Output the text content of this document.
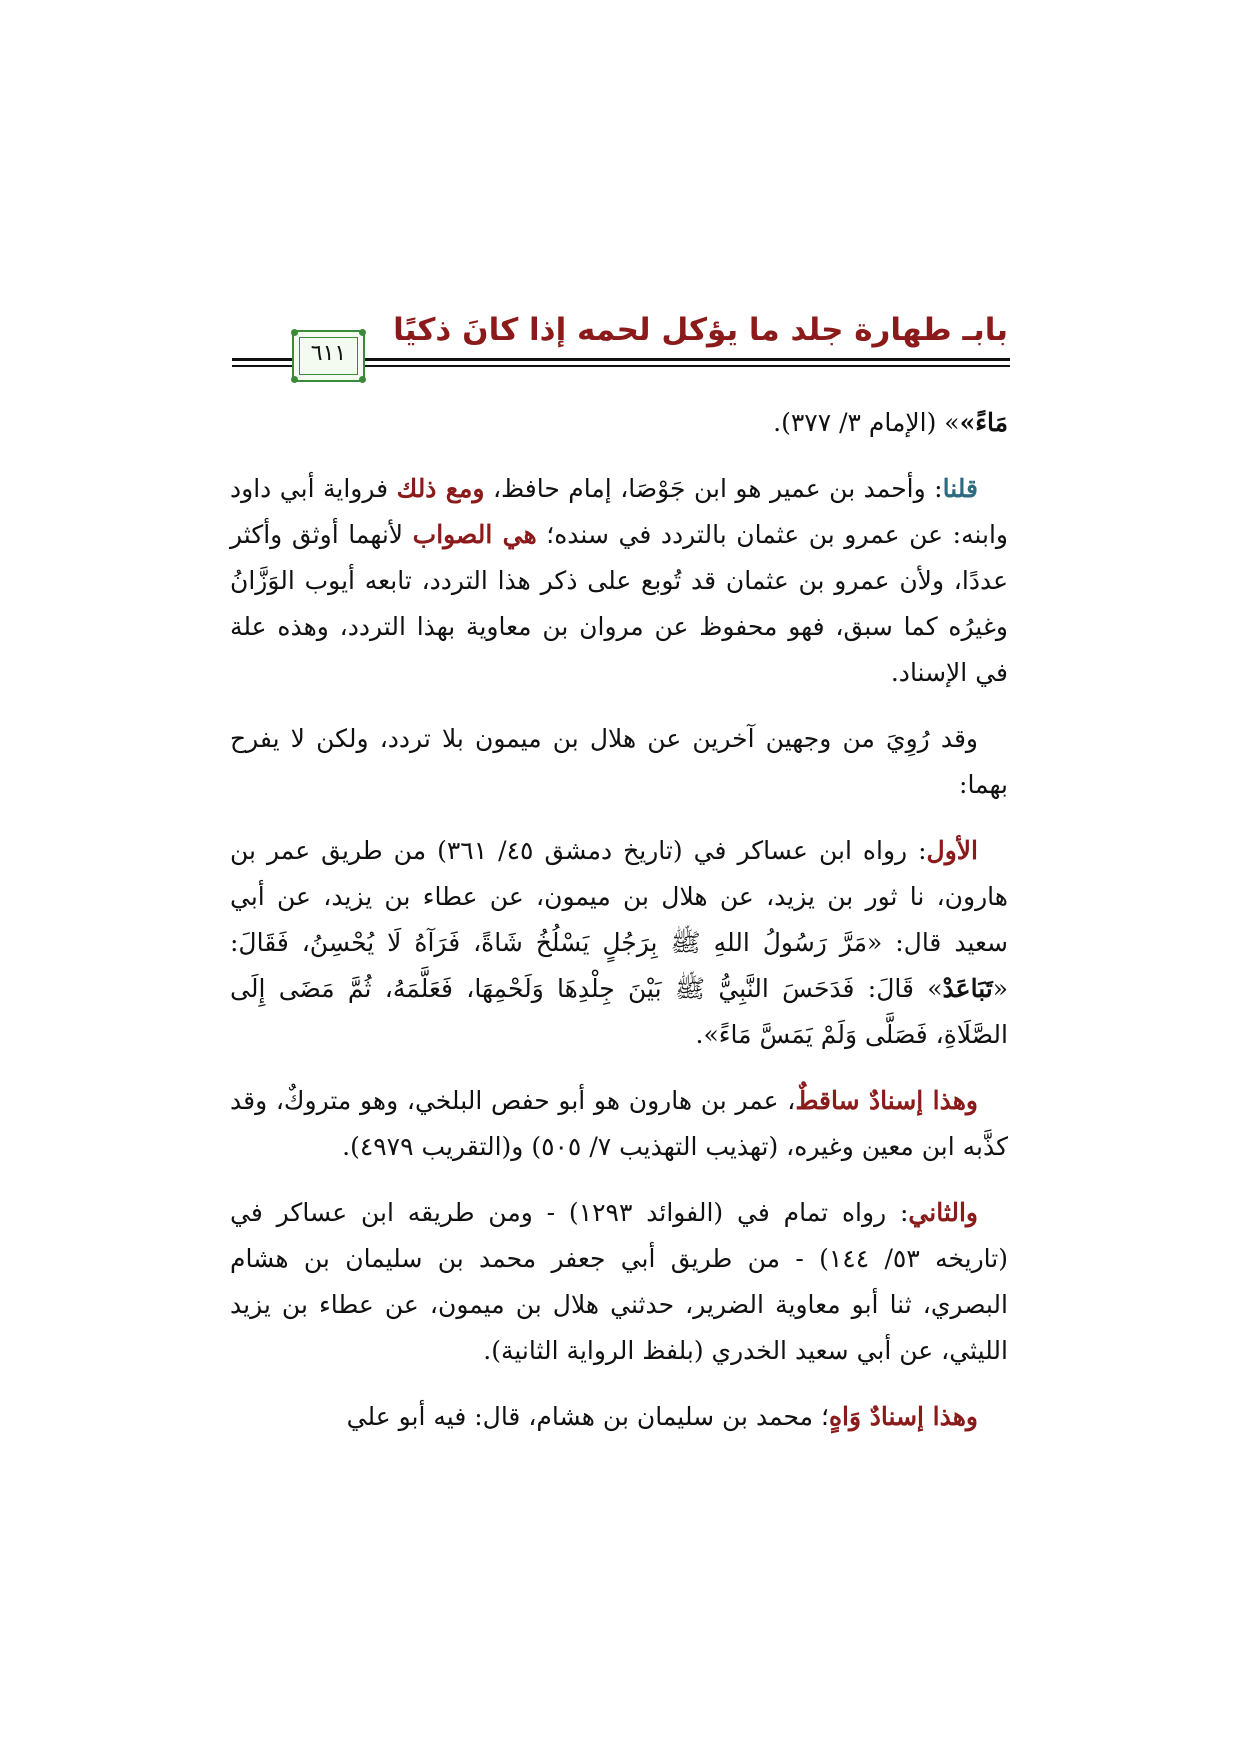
بابـ طهارة جلد ما يؤكل لحمه إذا كانَ ذكيًا
٦١١

مَاءً»» (الإمام ٣/ ٣٧٧).

قلنا: وأحمد بن عمير هو ابن جَوْصَا، إمام حافظ، ومع ذلك فرواية أبي داود وابنه: عن عمرو بن عثمان بالتردد في سنده؛ هي الصواب لأنهما أوثق وأكثر عددًا، ولأن عمرو بن عثمان قد تُوبع على ذكر هذا التردد، تابعه أيوب الوَزَّانُ وغيرُه كما سبق، فهو محفوظ عن مروان بن معاوية بهذا التردد، وهذه علة في الإسناد.

وقد رُوِيَ من وجهين آخرين عن هلال بن ميمون بلا تردد، ولكن لا يفرح بهما:

الأول: رواه ابن عساكر في (تاريخ دمشق ٤٥/ ٣٦١) من طريق عمر بن هارون، نا ثور بن يزيد، عن هلال بن ميمون، عن عطاء بن يزيد، عن أبي سعيد قال: «مَرَّ رَسُولُ اللهِ ﷺ بِرَجُلٍ يَسْلُخُ شَاةً، فَرَآهُ لَا يُحْسِنُ، فَقَالَ: «تَبَاعَدْ» قَالَ: فَدَحَسَ النَّبِيُّ ﷺ بَيْنَ جِلْدِهَا وَلَحْمِهَا، فَعَلَّمَهُ، ثُمَّ مَضَى إِلَى الصَّلَاةِ، فَصَلَّى وَلَمْ يَمَسَّ مَاءً».

وهذا إسنادٌ ساقطٌ، عمر بن هارون هو أبو حفص البلخي، وهو متروكٌ، وقد كذَّبه ابن معين وغيره، (تهذيب التهذيب ٧/ ٥٠٥) و(التقريب ٤٩٧٩).

والثاني: رواه تمام في (الفوائد ١٢٩٣) - ومن طريقه ابن عساكر في (تاريخه ٥٣/ ١٤٤) - من طريق أبي جعفر محمد بن سليمان بن هشام البصري، ثنا أبو معاوية الضرير، حدثني هلال بن ميمون، عن عطاء بن يزيد الليثي، عن أبي سعيد الخدري (بلفظ الرواية الثانية).

وهذا إسنادٌ وَاهٍ؛ محمد بن سليمان بن هشام، قال: فيه أبو علي
